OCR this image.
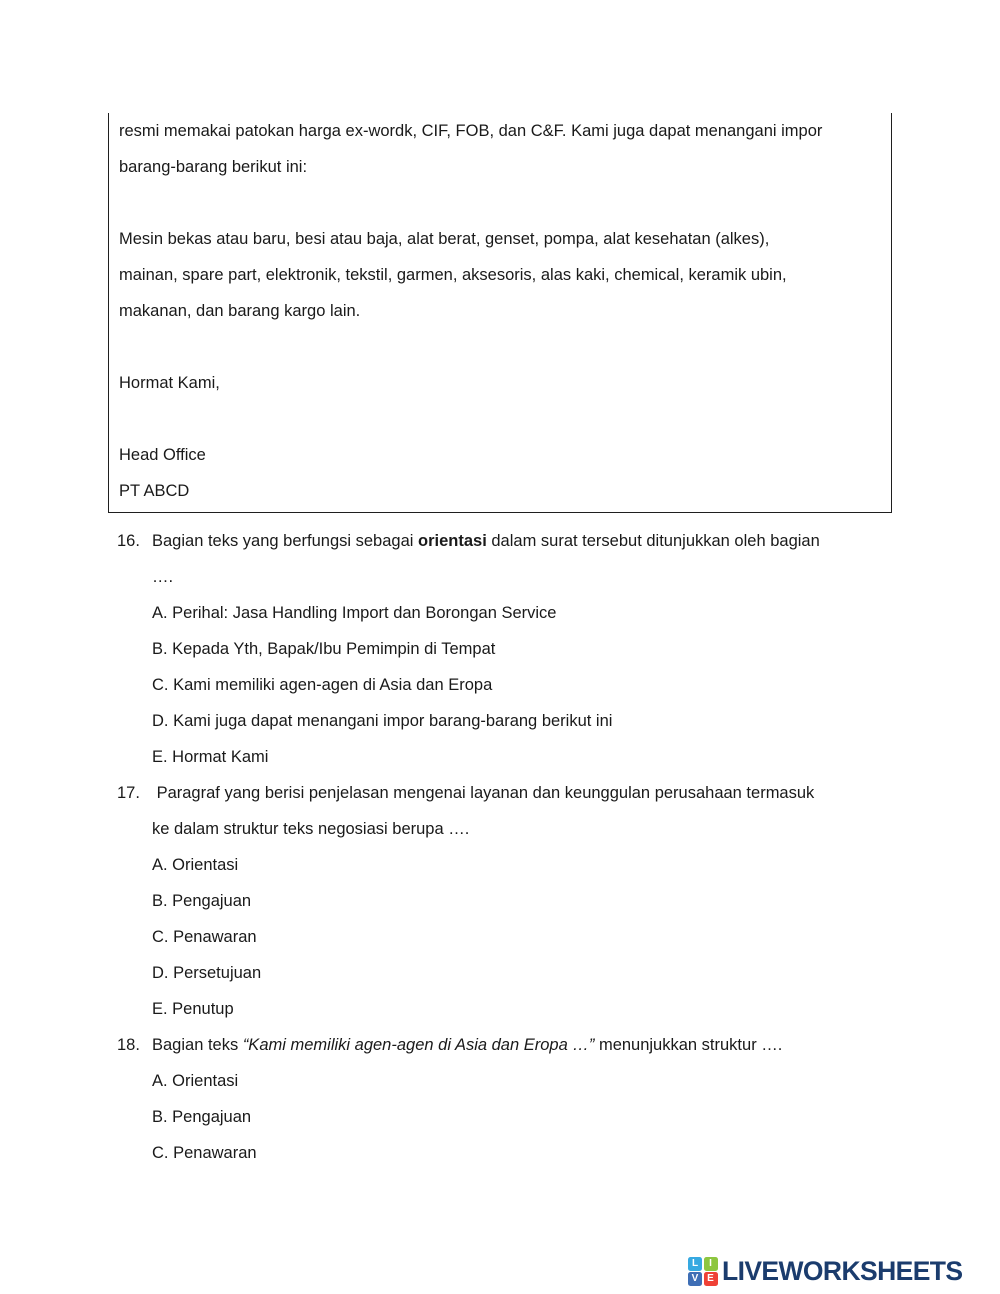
resmi memakai patokan harga ex-wordk, CIF, FOB, dan C&F. Kami juga dapat menangani impor
barang-barang berikut ini:
Mesin bekas atau baru, besi atau baja, alat berat, genset, pompa, alat kesehatan (alkes),
mainan, spare part, elektronik, tekstil, garmen, aksesoris, alas kaki, chemical, keramik ubin,
makanan, dan barang kargo lain.
Hormat Kami,
Head Office
PT ABCD
16. Bagian teks yang berfungsi sebagai orientasi dalam surat tersebut ditunjukkan oleh bagian
….
A. Perihal: Jasa Handling Import dan Borongan Service
B. Kepada Yth, Bapak/Ibu Pemimpin di Tempat
C. Kami memiliki agen-agen di Asia dan Eropa
D. Kami juga dapat menangani impor barang-barang berikut ini
E. Hormat Kami
17. Paragraf yang berisi penjelasan mengenai layanan dan keunggulan perusahaan termasuk
ke dalam struktur teks negosiasi berupa ….
A. Orientasi
B. Pengajuan
C. Penawaran
D. Persetujuan
E. Penutup
18. Bagian teks “Kami memiliki agen-agen di Asia dan Eropa …” menunjukkan struktur ….
A. Orientasi
B. Pengajuan
C. Penawaran
L	I
V E LIVEWORKSHEETS
